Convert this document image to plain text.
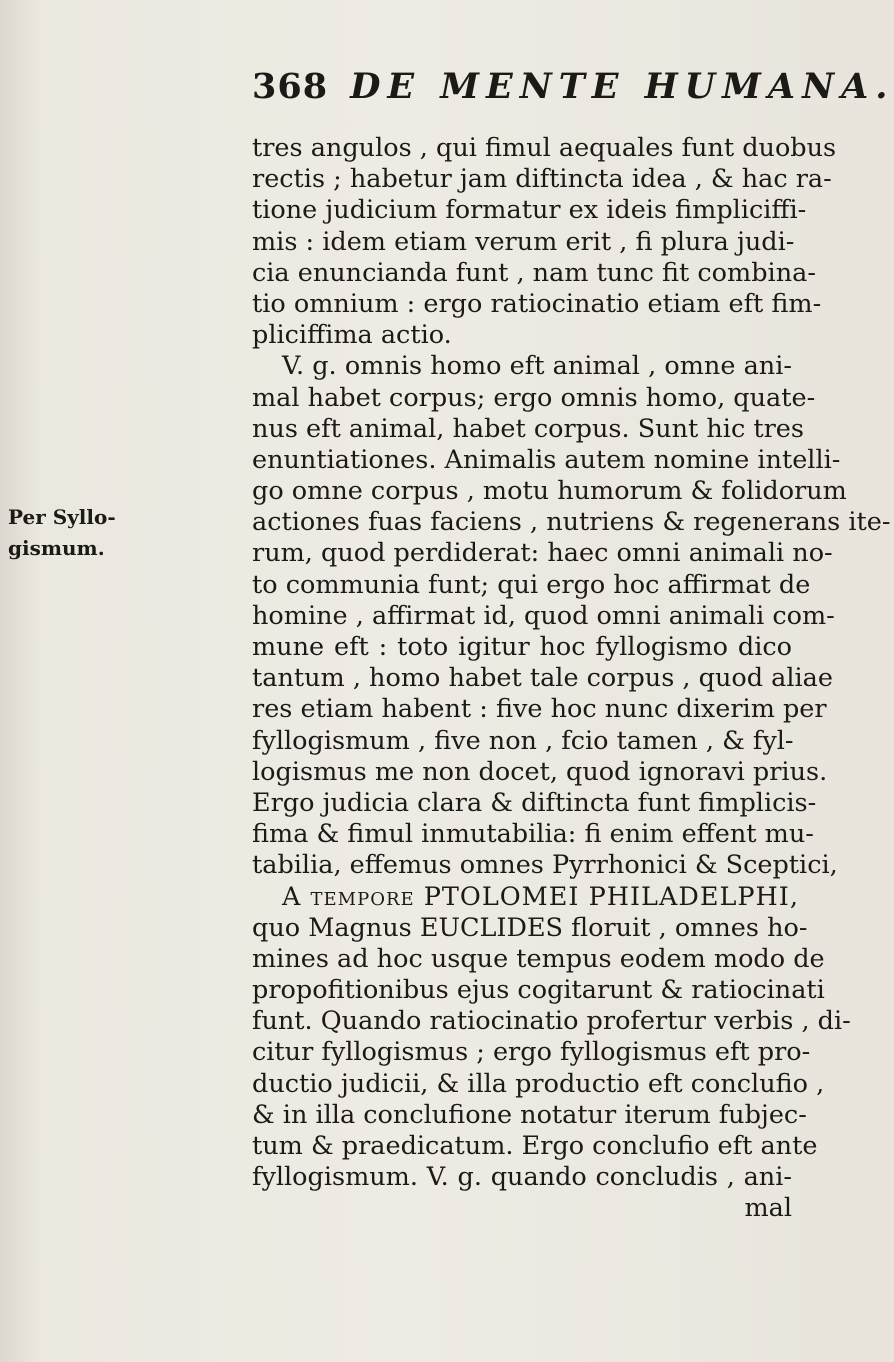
368 DE MENTE HUMANA.
Per Syllo-
gismum.
tres angulos , qui fimul aequales funt duobus
rectis ; habetur jam diftincta idea , & hac ra-
tione judicium formatur ex ideis fimpliciffi-
mis : idem etiam verum erit , fi plura judi-
cia enuncianda funt , nam tunc fit combina-
tio omnium : ergo ratiocinatio etiam eft fim-
pliciffima actio.
V. g. omnis homo eft animal , omne ani-
mal habet corpus; ergo omnis homo, quate-
nus eft animal, habet corpus. Sunt hic tres
enuntiationes. Animalis autem nomine intelli-
go omne corpus , motu humorum & folidorum
actiones fuas faciens , nutriens & regenerans ite-
rum, quod perdiderat: haec omni animali no-
to communia funt; qui ergo hoc affirmat de
homine , affirmat id, quod omni animali com-
mune eft : toto igitur hoc fyllogismo dico
tantum , homo habet tale corpus , quod aliae
res etiam habent : five hoc nunc dixerim per
fyllogismum , five non , fcio tamen , & fyl-
logismus me non docet, quod ignoravi prius.
Ergo judicia clara & diftincta funt fimplicis-
fima & fimul inmutabilia: fi enim effent mu-
tabilia, effemus omnes Pyrrhonici & Sceptici,
A tempore PTOLOMEI PHILADELPHI,
quo Magnus EUCLIDES floruit , omnes ho-
mines ad hoc usque tempus eodem modo de
propofitionibus ejus cogitarunt & ratiocinati
funt. Quando ratiocinatio profertur verbis , di-
citur fyllogismus ; ergo fyllogismus eft pro-
ductio judicii, & illa productio eft conclufio ,
& in illa conclufione notatur iterum fubjec-
tum & praedicatum. Ergo conclufio eft ante
fyllogismum. V. g. quando concludis , ani-
mal
